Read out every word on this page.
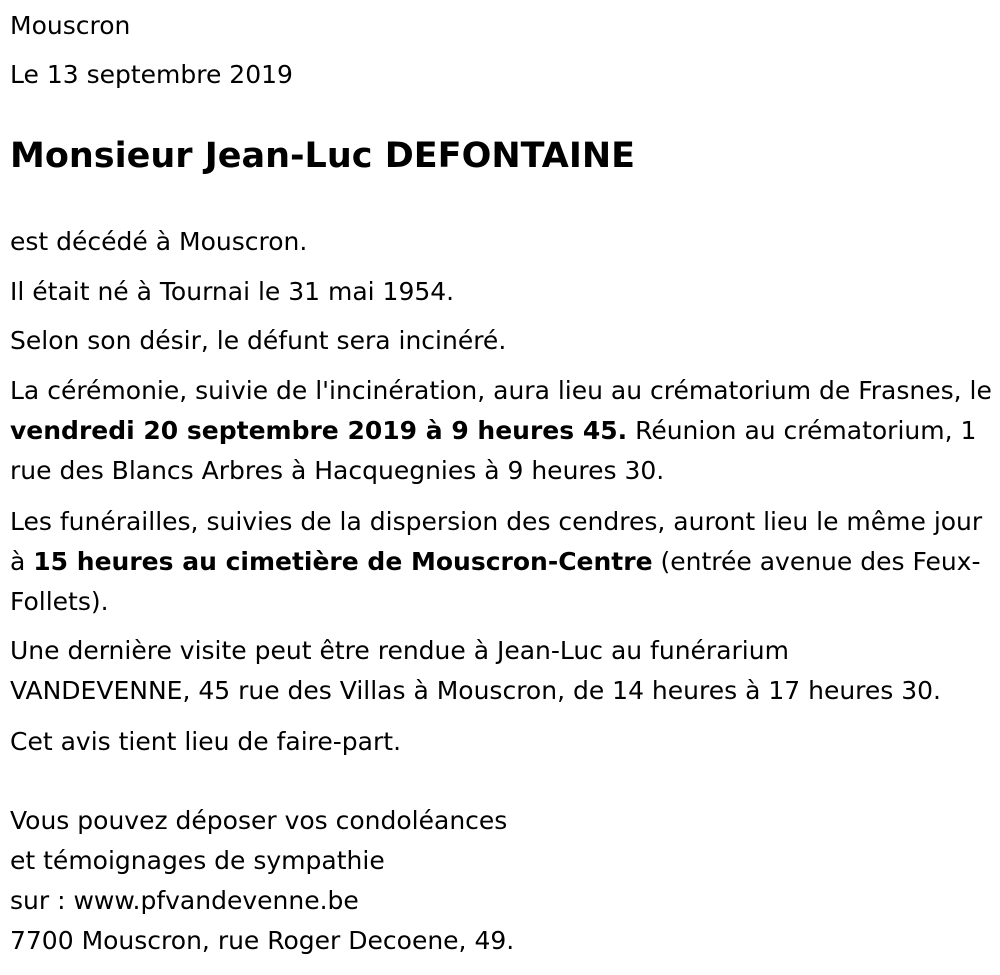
Mouscron

Le 13 septembre 2019

Monsieur Jean-Luc DEFONTAINE

est décédé à Mouscron.

Il était né à Tournai le 31 mai 1954.

Selon son désir, le défunt sera incinéré.

La cérémonie, suivie de l'incinération, aura lieu au crématorium de Frasnes, le vendredi 20 septembre 2019 à 9 heures 45. Réunion au crématorium, 1 rue des Blancs Arbres à Hacquegnies à 9 heures 30.

Les funérailles, suivies de la dispersion des cendres, auront lieu le même jour à 15 heures au cimetière de Mouscron-Centre (entrée avenue des Feux-Follets).

Une dernière visite peut être rendue à Jean-Luc au funérarium
VANDEVENNE, 45 rue des Villas à Mouscron, de 14 heures à 17 heures 30.

Cet avis tient lieu de faire-part.

Vous pouvez déposer vos condoléances
et témoignages de sympathie
sur : www.pfvandevenne.be
7700 Mouscron, rue Roger Decoene, 49.
